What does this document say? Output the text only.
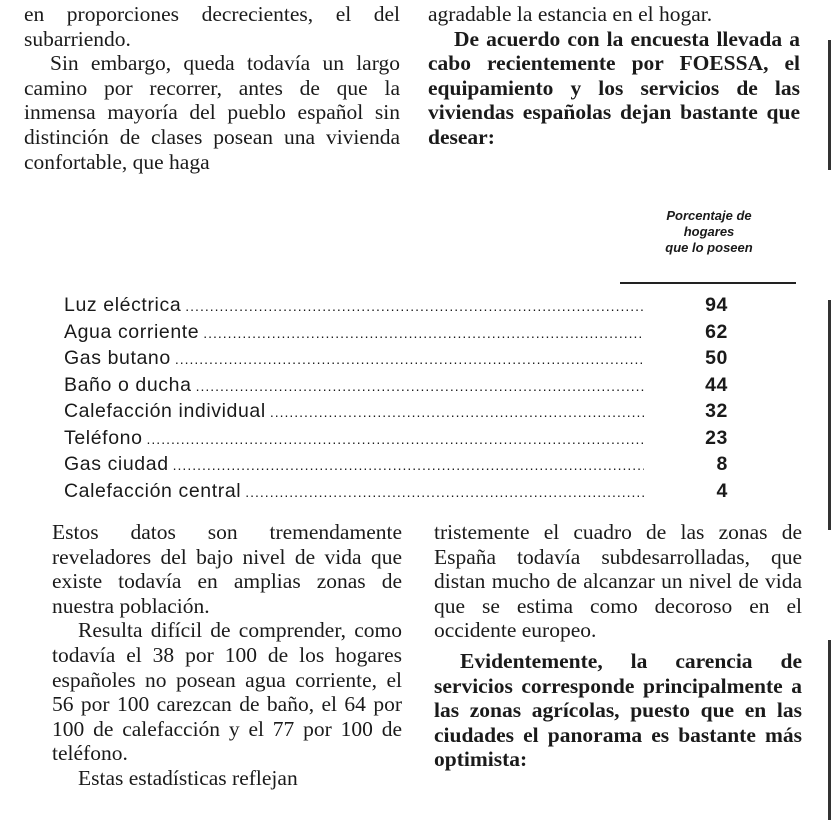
en proporciones decrecientes, el del subarriendo.

Sin embargo, queda todavía un largo camino por recorrer, antes de que la inmensa mayoría del pueblo español sin distinción de clases posean una vivienda confortable, que haga

agradable la estancia en el hogar.

De acuerdo con la encuesta llevada a cabo recientemente por FOESSA, el equipamiento y los servicios de las viviendas españolas dejan bastante que desear:

Porcentaje de
hogares
que lo poseen
Luz eléctrica .....	94
Agua corriente .....	62
Gas butano .....	50
Baño o ducha .....	44
Calefacción individual .....	32
Teléfono .....	23
Gas ciudad .....	8
Calefacción central .....	4

Estos datos son tremendamente reveladores del bajo nivel de vida que existe todavía en amplias zonas de nuestra población.

Resulta difícil de comprender, como todavía el 38 por 100 de los hogares españoles no posean agua corriente, el 56 por 100 carezcan de baño, el 64 por 100 de calefacción y el 77 por 100 de teléfono.

Estas estadísticas reflejan

tristemente el cuadro de las zonas de España todavía subdesarrolladas, que distan mucho de alcanzar un nivel de vida que se estima como decoroso en el occidente europeo.

Evidentemente, la carencia de servicios corresponde principalmente a las zonas agrícolas, puesto que en las ciudades el panorama es bastante más optimista:
